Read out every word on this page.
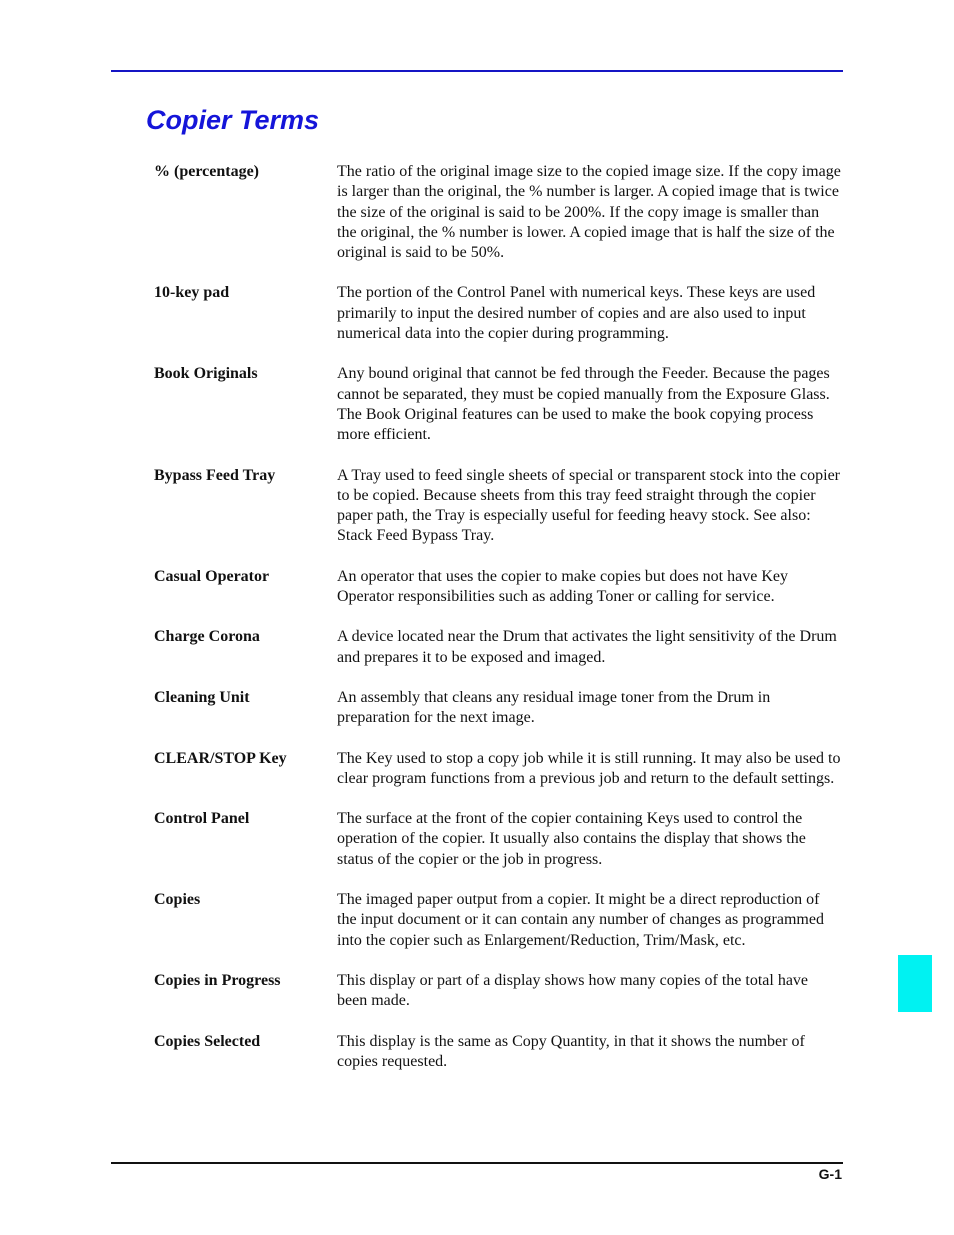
Copier Terms
% (percentage)	The ratio of the original image size to the copied image size. If the copy image is larger than the original, the % number is larger. A copied image that is twice the size of the original is said to be 200%. If the copy image is smaller than the original, the % number is lower. A copied image that is half the size of the original is said to be 50%.
10-key pad	The portion of the Control Panel with numerical keys. These keys are used primarily to input the desired number of copies and are also used to input numerical data into the copier during programming.
Book Originals	Any bound original that cannot be fed through the Feeder. Because the pages cannot be separated, they must be copied manually from the Exposure Glass. The Book Original features can be used to make the book copying process more efficient.
Bypass Feed Tray	A Tray used to feed single sheets of special or transparent stock into the copier to be copied. Because sheets from this tray feed straight through the copier paper path, the Tray is especially useful for feeding heavy stock. See also: Stack Feed Bypass Tray.
Casual Operator	An operator that uses the copier to make copies but does not have Key Operator responsibilities such as adding Toner or calling for service.
Charge Corona	A device located near the Drum that activates the light sensitivity of the Drum and prepares it to be exposed and imaged.
Cleaning Unit	An assembly that cleans any residual image toner from the Drum in preparation for the next image.
CLEAR/STOP Key	The Key used to stop a copy job while it is still running. It may also be used to clear program functions from a previous job and return to the default settings.
Control Panel	The surface at the front of the copier containing Keys used to control the operation of the copier. It usually also contains the display that shows the status of the copier or the job in progress.
Copies	The imaged paper output from a copier. It might be a direct reproduction of the input document or it can contain any number of changes as programmed into the copier such as Enlargement/Reduction, Trim/Mask, etc.
Copies in Progress	This display or part of a display shows how many copies of the total have been made.
Copies Selected	This display is the same as Copy Quantity, in that it shows the number of copies requested.
G-1
